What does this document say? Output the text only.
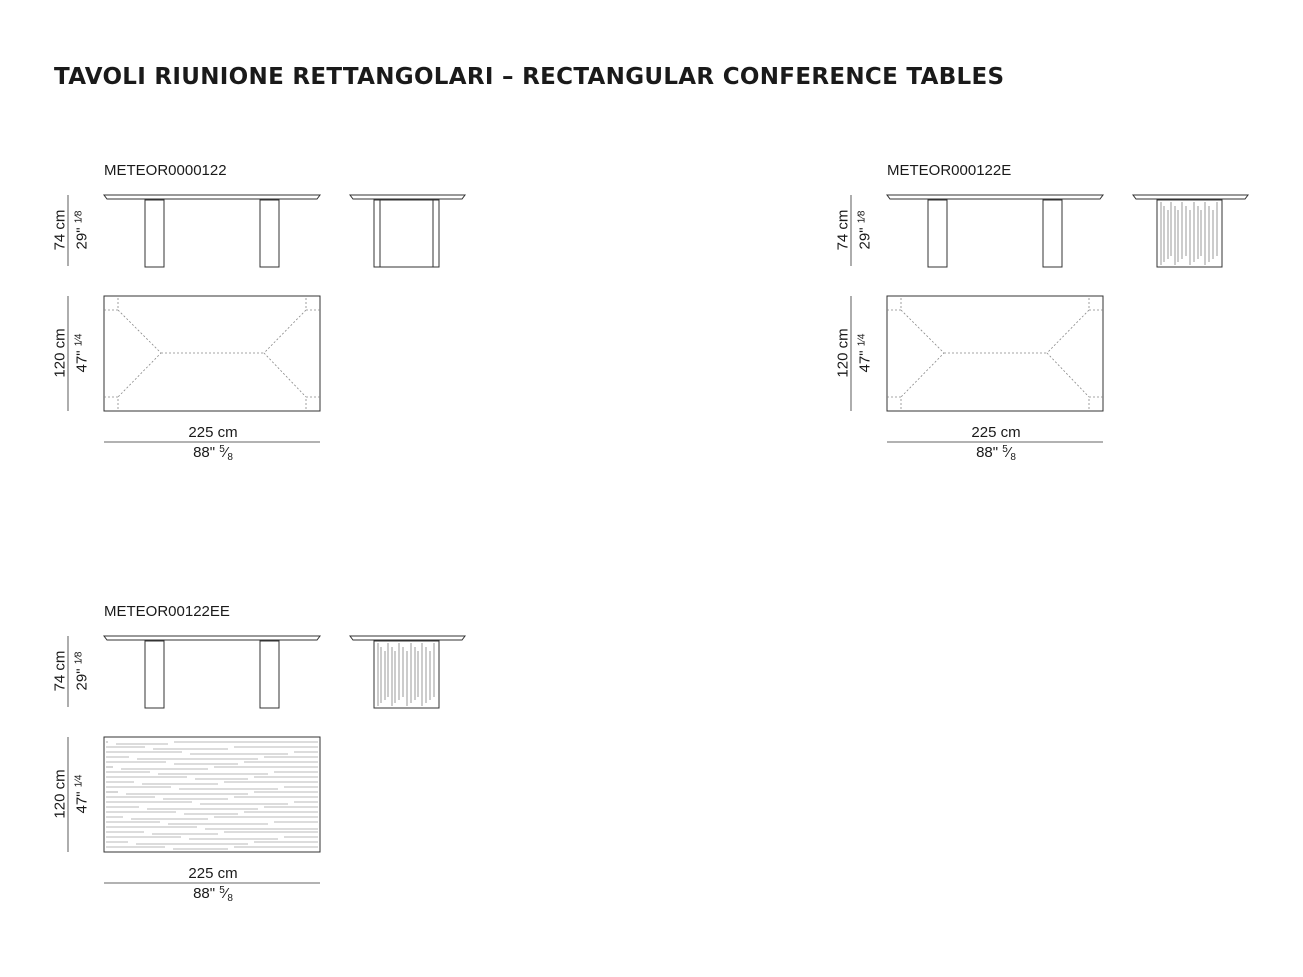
TAVOLI RIUNIONE RETTANGOLARI – RECTANGULAR CONFERENCE TABLES
METEOR0000122
74 cm 29" $^{1⁄8}$
120 cm 47" $^{1⁄4}$
225 cm
88" $^5⁄_8$
METEOR000122E
74 cm 29" $^{1⁄8}$
120 cm 47" $^{1⁄4}$
225 cm
88" $^5⁄_8$
METEOR00122EE
74 cm 29" $^{1⁄8}$
120 cm 47" $^{1⁄4}$
225 cm
88" $^5⁄_8$
